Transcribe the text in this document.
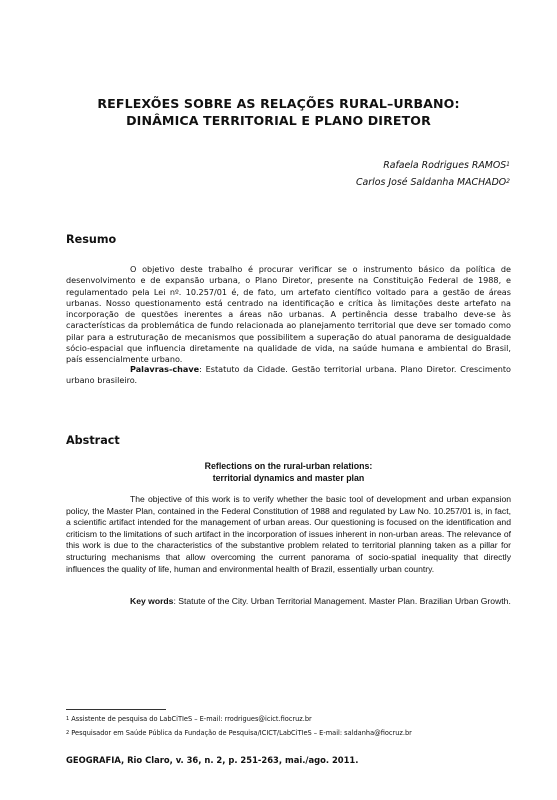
REFLEXÕES SOBRE AS RELAÇÕES RURAL–URBANO:
DINÂMICA TERRITORIAL E PLANO DIRETOR
Rafaela Rodrigues RAMOS$^1$
Carlos José Saldanha MACHADO$^2$
Resumo

O objetivo deste trabalho é procurar verificar se o instrumento básico da política de desenvolvimento e de expansão urbana, o Plano Diretor, presente na Constituição Federal de 1988, e regulamentado pela Lei nº. 10.257/01 é, de fato, um artefato científico voltado para a gestão de áreas urbanas. Nosso questionamento está centrado na identificação e crítica às limitações deste artefato na incorporação de questões inerentes a áreas não urbanas. A pertinência desse trabalho deve-se às características da problemática de fundo relacionada ao planejamento territorial que deve ser tomado como pilar para a estruturação de mecanismos que possibilitem a superação do atual panorama de desigualdade sócio-espacial que influencia diretamente na qualidade de vida, na saúde humana e ambiental do Brasil, país essencialmente urbano.

Palavras-chave: Estatuto da Cidade. Gestão territorial urbana. Plano Diretor. Crescimento urbano brasileiro.

Abstract
Reflections on the rural-urban relations:
territorial dynamics and master plan

The objective of this work is to verify whether the basic tool of development and urban expansion policy, the Master Plan, contained in the Federal Constitution of 1988 and regulated by Law No. 10.257/01 is, in fact, a scientific artifact intended for the management of urban areas. Our questioning is focused on the identification and criticism to the limitations of such artifact in the incorporation of issues inherent in non-urban areas. The relevance of this work is due to the characteristics of the substantive problem related to territorial planning taken as a pillar for structuring mechanisms that allow overcoming the current panorama of socio-spatial inequality that directly influences the quality of life, human and environmental health of Brazil, essentially urban country.

Key words: Statute of the City. Urban Territorial Management. Master Plan. Brazilian Urban Growth.

$^1$ Assistente de pesquisa do LabCiTIeS – E-mail: rrodrigues@icict.fiocruz.br
$^2$ Pesquisador em Saúde Pública da Fundação de Pesquisa/ICICT/LabCiTIeS – E-mail: saldanha@fiocruz.br
GEOGRAFIA, Rio Claro, v. 36, n. 2, p. 251-263, mai./ago. 2011.
